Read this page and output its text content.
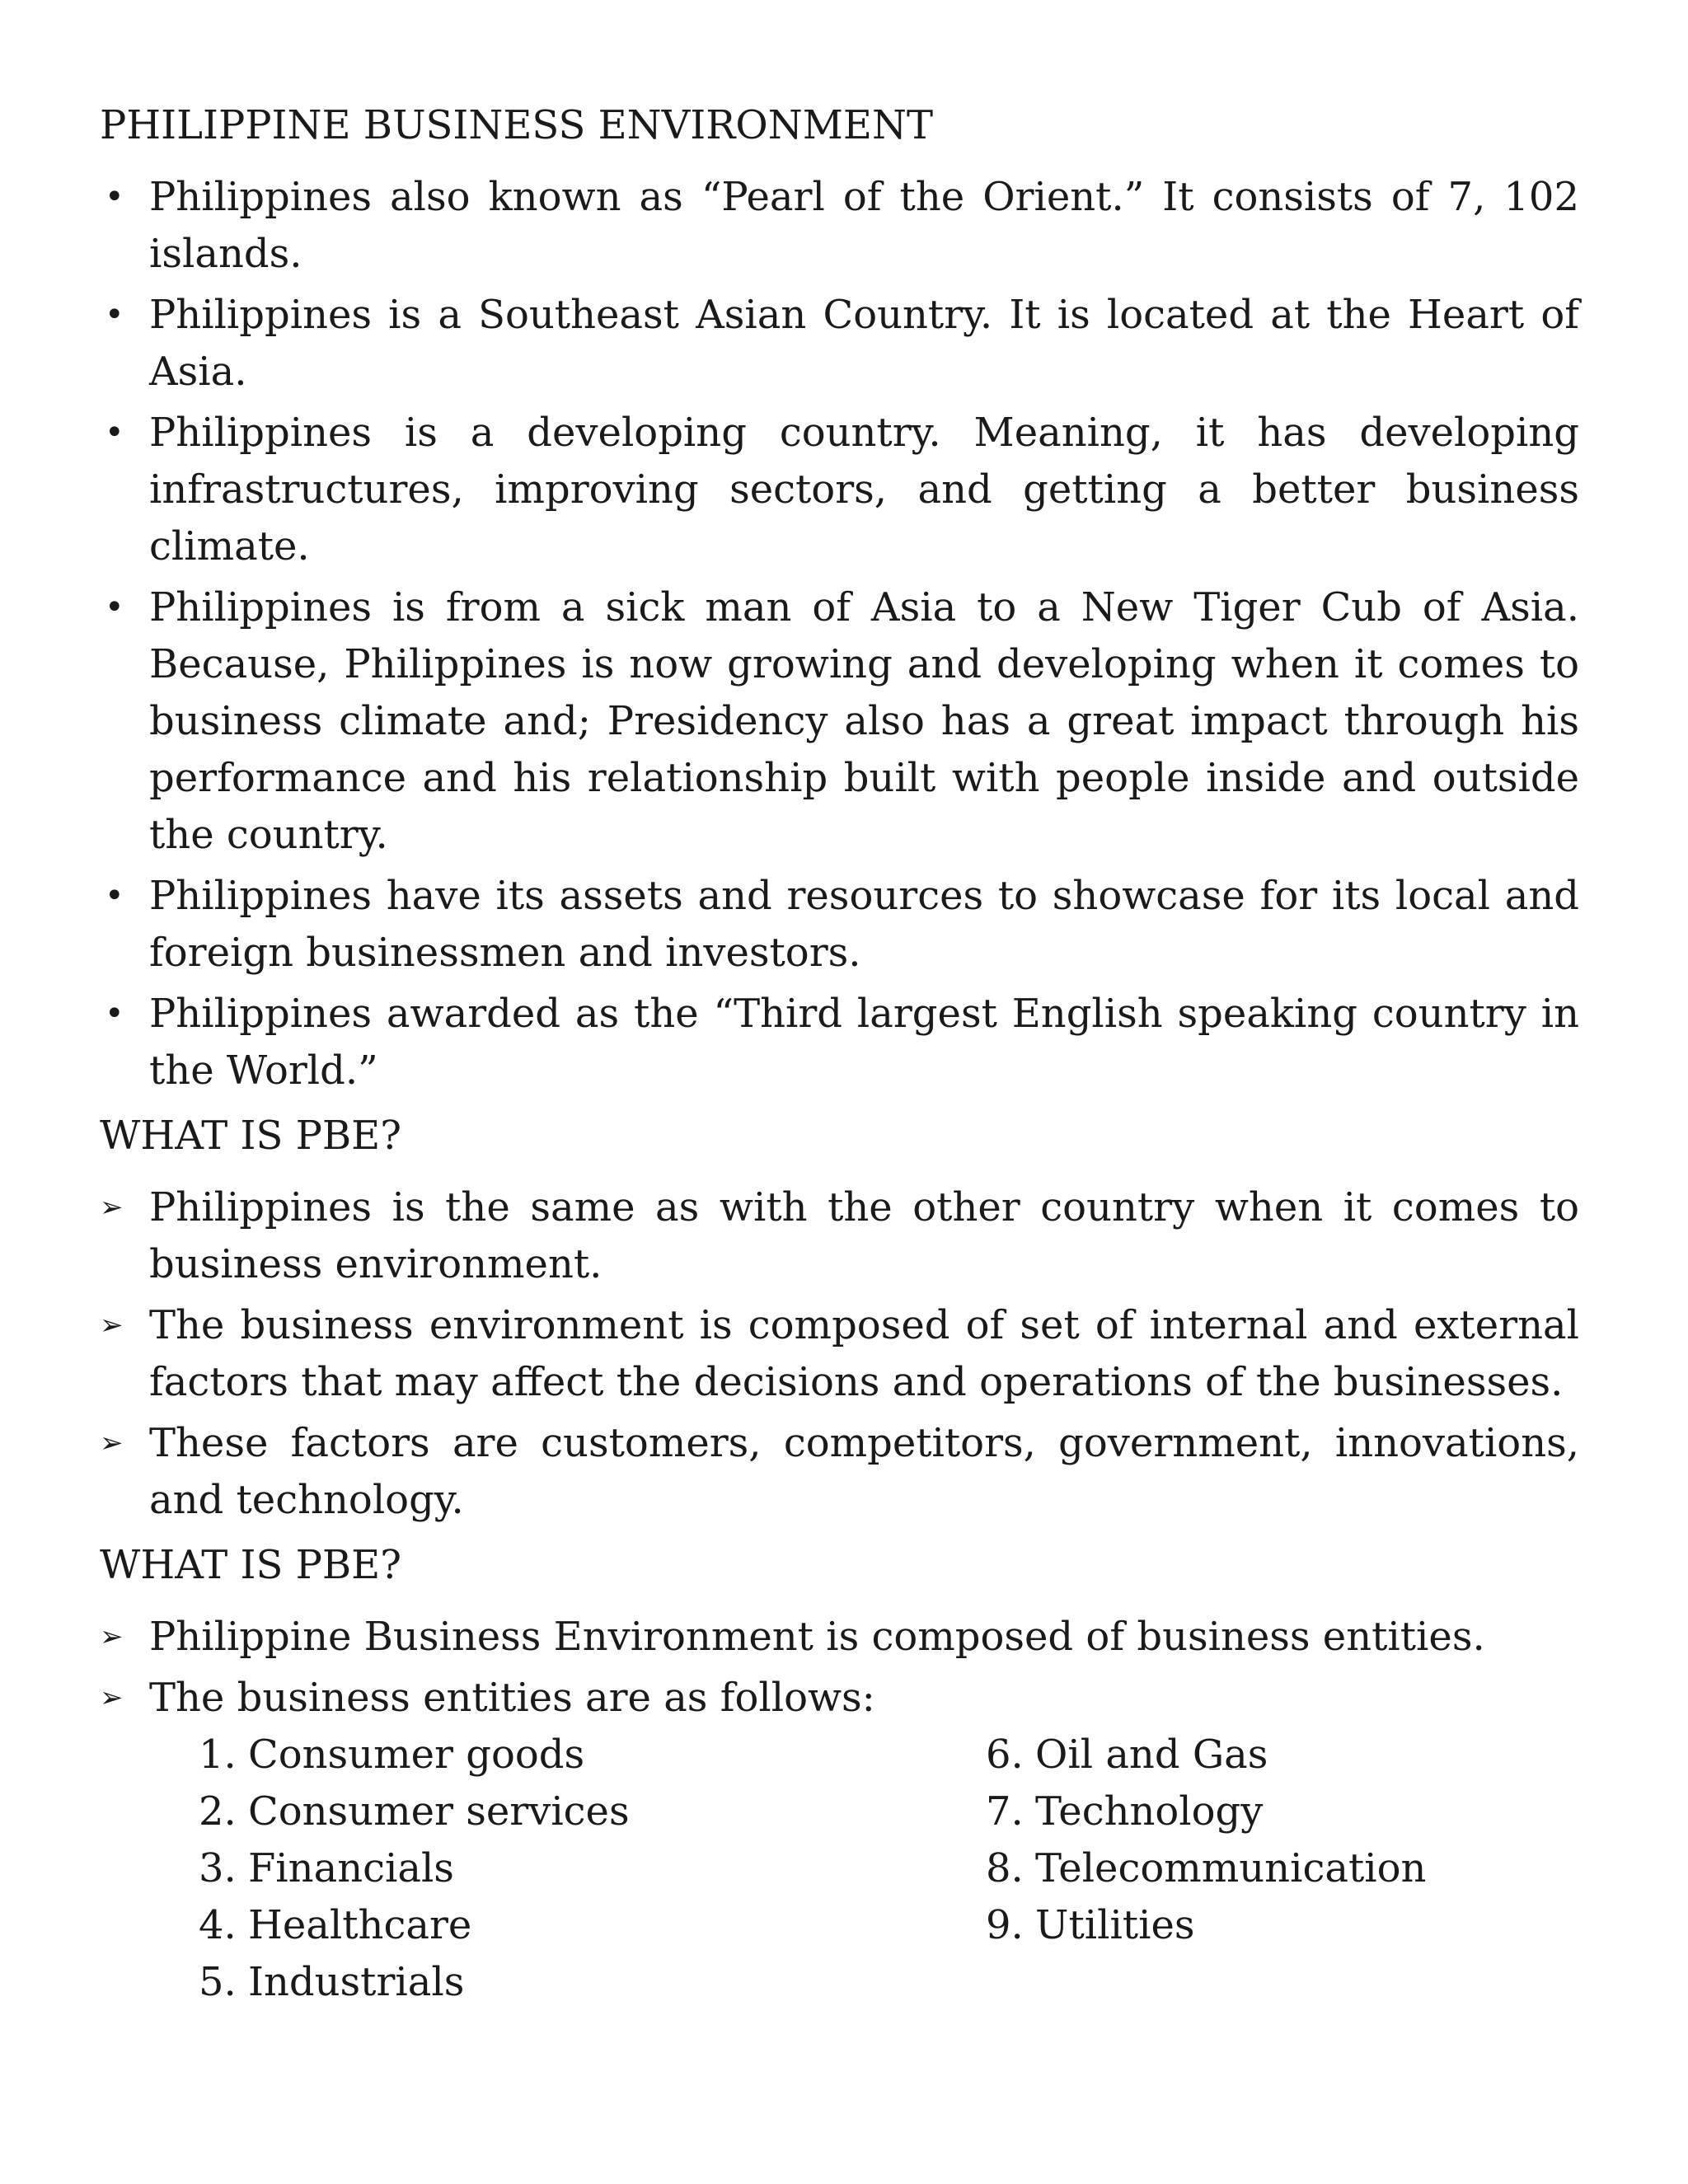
PHILIPPINE BUSINESS ENVIRONMENT
• Philippines also known as “Pearl of the Orient.” It consists of 7, 102 islands.
• Philippines is a Southeast Asian Country. It is located at the Heart of Asia.
• Philippines is a developing country. Meaning, it has developing infrastructures, improving sectors, and getting a better business climate.
• Philippines is from a sick man of Asia to a New Tiger Cub of Asia. Because, Philippines is now growing and developing when it comes to business climate and; Presidency also has a great impact through his performance and his relationship built with people inside and outside the country.
• Philippines have its assets and resources to showcase for its local and foreign businessmen and investors.
• Philippines awarded as the “Third largest English speaking country in the World.”
WHAT IS PBE?
➢ Philippines is the same as with the other country when it comes to business environment.
➢ The business environment is composed of set of internal and external factors that may affect the decisions and operations of the businesses.
➢ These factors are customers, competitors, government, innovations, and technology.
WHAT IS PBE?
➢ Philippine Business Environment is composed of business entities.
➢ The business entities are as follows:
1. Consumer goods
2. Consumer services
3. Financials
4. Healthcare
5. Industrials
6. Oil and Gas
7. Technology
8. Telecommunication
9. Utilities
